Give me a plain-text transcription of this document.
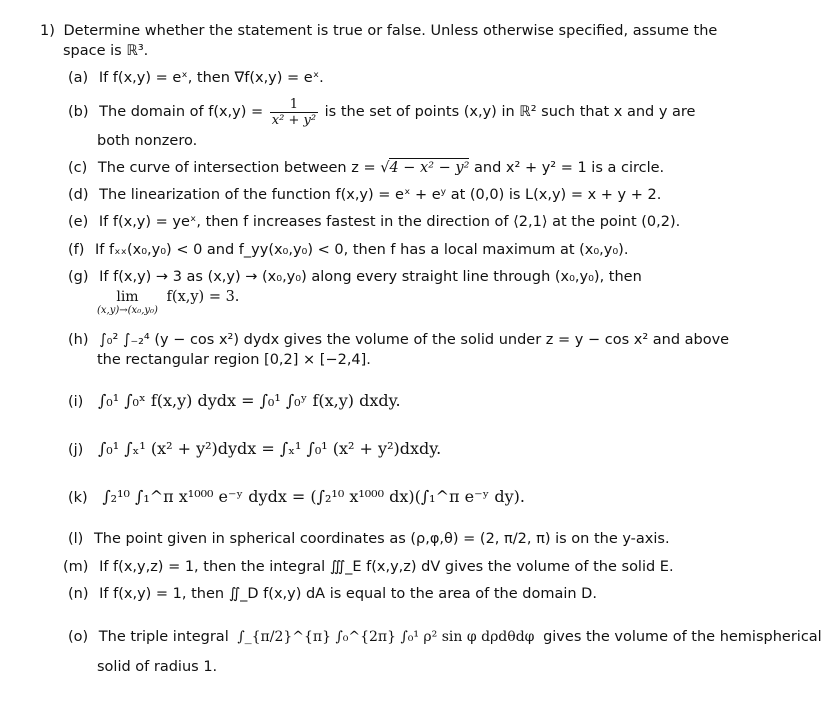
1) Determine whether the statement is true or false. Unless otherwise specified, assume the
space is ℝ³.
(a) If f(x,y) = eˣ, then ∇f(x,y) = eˣ.
(b) The domain of $f(x,y) = \frac{1}{\text{x² + y²}}$ is the set of points (x,y) in ℝ² such that x and y are
both nonzero.
(c) The curve of intersection between z = √4 − x² − y² and x² + y² = 1 is a circle.
(d) The linearization of the function f(x,y) = eˣ + eʸ at (0,0) is L(x,y) = x + y + 2.
(e) If f(x,y) = yeˣ, then f increases fastest in the direction of ⟨2,1⟩ at the point (0,2).
(f) If fₓₓ(x₀,y₀) < 0 and f_yy(x₀,y₀) < 0, then f has a local maximum at (x₀,y₀).
(g) If f(x,y) → 3 as (x,y) → (x₀,y₀) along every straight line through (x₀,y₀), then
lim
(x,y)→(x₀,y₀)
f(x,y) = 3.
(h) ∫₀² ∫₋₂⁴ (y − cos x²) dydx gives the volume of the solid under z = y − cos x² and above
the rectangular region [0,2] × [−2,4].
(i) ∫₀¹ ∫₀ˣ f(x,y) dydx = ∫₀¹ ∫₀ʸ f(x,y) dxdy.
(j) ∫₀¹ ∫ₓ¹ (x² + y²)dydx = ∫ₓ¹ ∫₀¹ (x² + y²)dxdy.
(k) ∫₂¹⁰ ∫₁^π x¹⁰⁰⁰ e⁻ʸ dydx = (∫₂¹⁰ x¹⁰⁰⁰ dx)(∫₁^π e⁻ʸ dy).
(l) The point given in spherical coordinates as (ρ,φ,θ) = (2, π/2, π) is on the y-axis.
(m) If f(x,y,z) = 1, then the integral ∭_E f(x,y,z) dV gives the volume of the solid E.
(n) If f(x,y) = 1, then ∬_D f(x,y) dA is equal to the area of the domain D.
(o) The triple integral ∫_{π/2}^{π} ∫₀^{2π} ∫₀¹ ρ² sin φ dρdθdφ gives the volume of the hemispherical
solid of radius 1.
